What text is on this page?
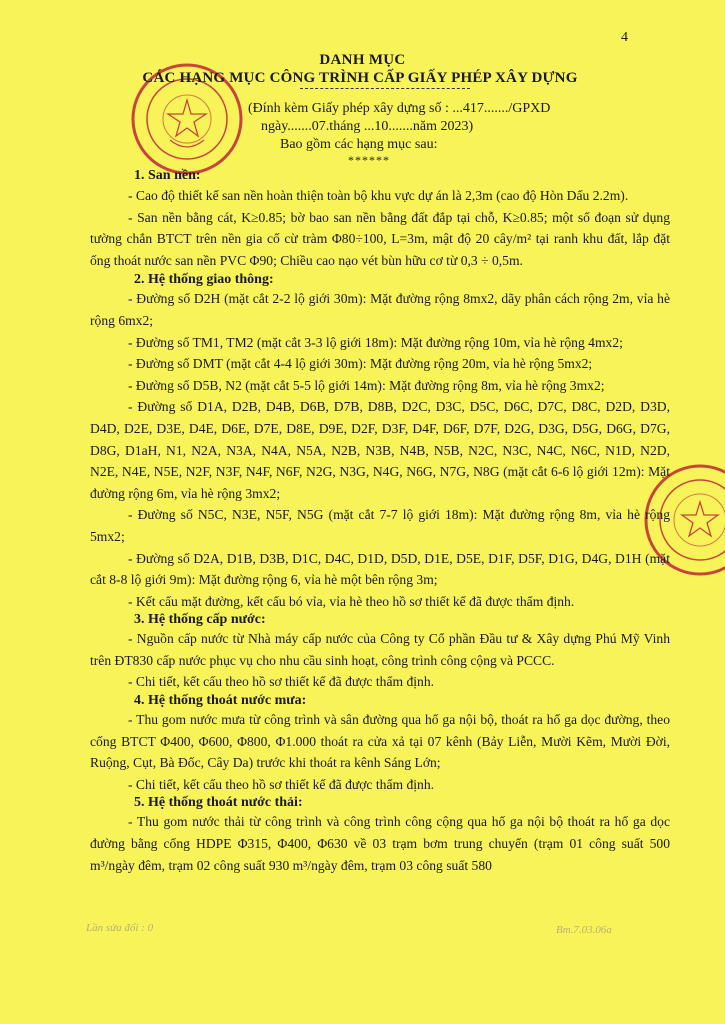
4
DANH MỤC
CÁC HẠNG MỤC CÔNG TRÌNH CẤP GIẤY PHÉP XÂY DỰNG
(Đính kèm Giấy phép xây dựng số : ...417......./GPXD
ngày.......07.tháng ...10.......năm 2023)
Bao gồm các hạng mục sau:
******
1. San nền:

- Cao độ thiết kế san nền hoàn thiện toàn bộ khu vực dự án là 2,3m (cao độ Hòn Dấu 2.2m).

- San nền bằng cát, K≥0.85; bờ bao san nền bằng đất đắp tại chỗ, K≥0.85; một số đoạn sử dụng tường chắn BTCT trên nền gia cố cừ tràm Φ80÷100, L=3m, mật độ 20 cây/m² tại ranh khu đất, lắp đặt ống thoát nước san nền PVC Φ90; Chiều cao nạo vét bùn hữu cơ từ 0,3 ÷ 0,5m.

2. Hệ thống giao thông:

- Đường số D2H (mặt cắt 2-2 lộ giới 30m): Mặt đường rộng 8mx2, dãy phân cách rộng 2m, vỉa hè rộng 6mx2;

- Đường số TM1, TM2 (mặt cắt 3-3 lộ giới 18m): Mặt đường rộng 10m, vỉa hè rộng 4mx2;

- Đường số DMT (mặt cắt 4-4 lộ giới 30m): Mặt đường rộng 20m, vỉa hè rộng 5mx2;

- Đường số D5B, N2 (mặt cắt 5-5 lộ giới 14m): Mặt đường rộng 8m, vỉa hè rộng 3mx2;

- Đường số D1A, D2B, D4B, D6B, D7B, D8B, D2C, D3C, D5C, D6C, D7C, D8C, D2D, D3D, D4D, D2E, D3E, D4E, D6E, D7E, D8E, D9E, D2F, D3F, D4F, D6F, D7F, D2G, D3G, D5G, D6G, D7G, D8G, D1aH, N1, N2A, N3A, N4A, N5A, N2B, N3B, N4B, N5B, N2C, N3C, N4C, N6C, N1D, N2D, N2E, N4E, N5E, N2F, N3F, N4F, N6F, N2G, N3G, N4G, N6G, N7G, N8G (mặt cắt 6-6 lộ giới 12m): Mặt đường rộng 6m, vỉa hè rộng 3mx2;

- Đường số N5C, N3E, N5F, N5G (mặt cắt 7-7 lộ giới 18m): Mặt đường rộng 8m, vỉa hè rộng 5mx2;

- Đường số D2A, D1B, D3B, D1C, D4C, D1D, D5D, D1E, D5E, D1F, D5F, D1G, D4G, D1H (mặt cắt 8-8 lộ giới 9m): Mặt đường rộng 6, vỉa hè một bên rộng 3m;

- Kết cấu mặt đường, kết cấu bó vỉa, vỉa hè theo hồ sơ thiết kế đã được thẩm định.

3. Hệ thống cấp nước:

- Nguồn cấp nước từ Nhà máy cấp nước của Công ty Cổ phần Đầu tư & Xây dựng Phú Mỹ Vinh trên ĐT830 cấp nước phục vụ cho nhu cầu sinh hoạt, công trình công cộng và PCCC.

- Chi tiết, kết cấu theo hồ sơ thiết kế đã được thẩm định.

4. Hệ thống thoát nước mưa:

- Thu gom nước mưa từ công trình và sân đường qua hố ga nội bộ, thoát ra hố ga dọc đường, theo cống BTCT Φ400, Φ600, Φ800, Φ1.000 thoát ra cửa xả tại 07 kênh (Bảy Liễn, Mười Kẽm, Mười Đời, Ruộng, Cụt, Bà Đốc, Cây Da) trước khi thoát ra kênh Sáng Lớn;

- Chi tiết, kết cấu theo hồ sơ thiết kế đã được thẩm định.

5. Hệ thống thoát nước thải:

- Thu gom nước thải từ công trình và công trình công cộng qua hố ga nội bộ thoát ra hố ga dọc đường bằng cống HDPE Φ315, Φ400, Φ630 về 03 trạm bơm trung chuyển (trạm 01 công suất 500 m³/ngày đêm, trạm 02 công suất 930 m³/ngày đêm, trạm 03 công suất 580

Lần sửa đổi : 0	Bm.7.03.06a
